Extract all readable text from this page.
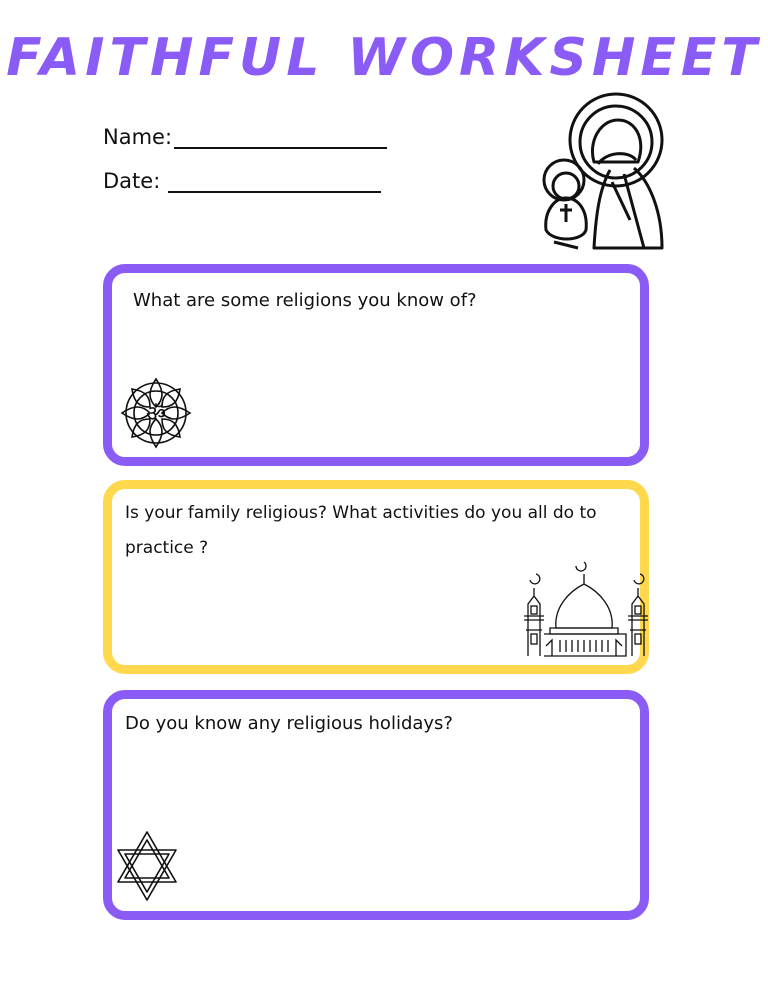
FAITHFUL WORKSHEET
Name:
Date:
What are some religions you know of?
ॐ
Is your family religious? What activities do you all do to
practice ?
Do you know any religious holidays?
